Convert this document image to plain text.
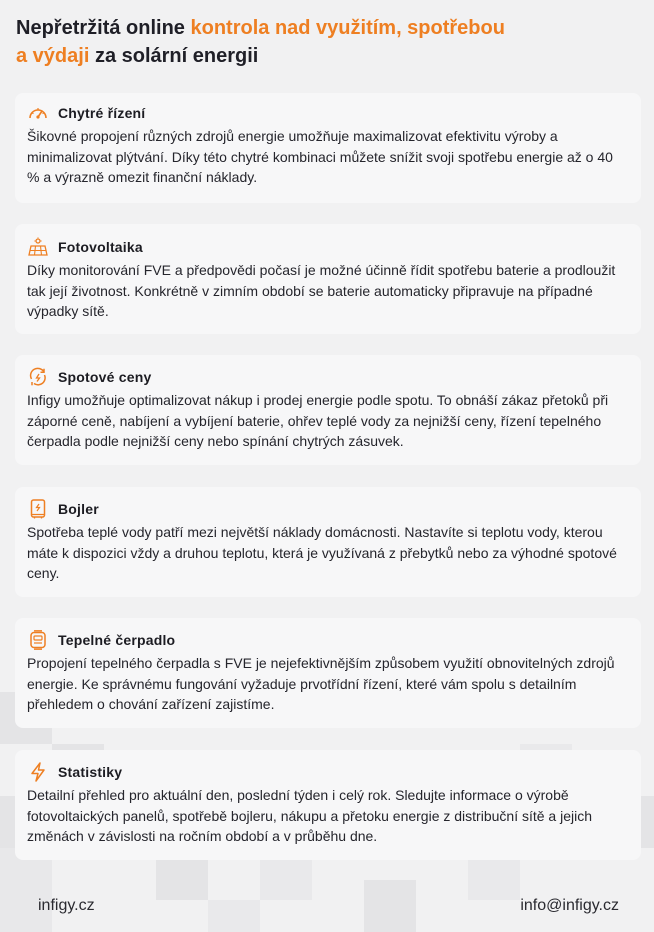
Nepřetržitá online kontrola nad využitím, spotřebou
a výdaji za solární energii
Chytré řízení

Šikovné propojení různých zdrojů energie umožňuje maximalizovat efektivitu výroby a minimalizovat plýtvání. Díky této chytré kombinaci můžete snížit svoji spotřebu energie až o 40 % a výrazně omezit finanční náklady.

Fotovoltaika

Díky monitorování FVE a předpovědi počasí je možné účinně řídit spotřebu baterie a prodloužit tak její životnost. Konkrétně v zimním období se baterie automaticky připravuje na případné výpadky sítě.

Spotové ceny

Infigy umožňuje optimalizovat nákup i prodej energie podle spotu. To obnáší zákaz přetoků při záporné ceně, nabíjení a vybíjení baterie, ohřev teplé vody za nejnižší ceny, řízení tepelného čerpadla podle nejnižší ceny nebo spínání chytrých zásuvek.

Bojler

Spotřeba teplé vody patří mezi největší náklady domácnosti. Nastavíte si teplotu vody, kterou máte k dispozici vždy a druhou teplotu, která je využívaná z přebytků nebo za výhodné spotové ceny.

Tepelné čerpadlo

Propojení tepelného čerpadla s FVE je nejefektivnějším způsobem využití obnovitelných zdrojů energie. Ke správnému fungování vyžaduje prvotřídní řízení, které vám spolu s detailním přehledem o chování zařízení zajistíme.

Statistiky

Detailní přehled pro aktuální den, poslední týden i celý rok. Sledujte informace o výrobě fotovoltaických panelů, spotřebě bojleru, nákupu a přetoku energie z distribuční sítě a jejich změnách v závislosti na ročním období a v průběhu dne.

infigy.cz	info@infigy.cz
